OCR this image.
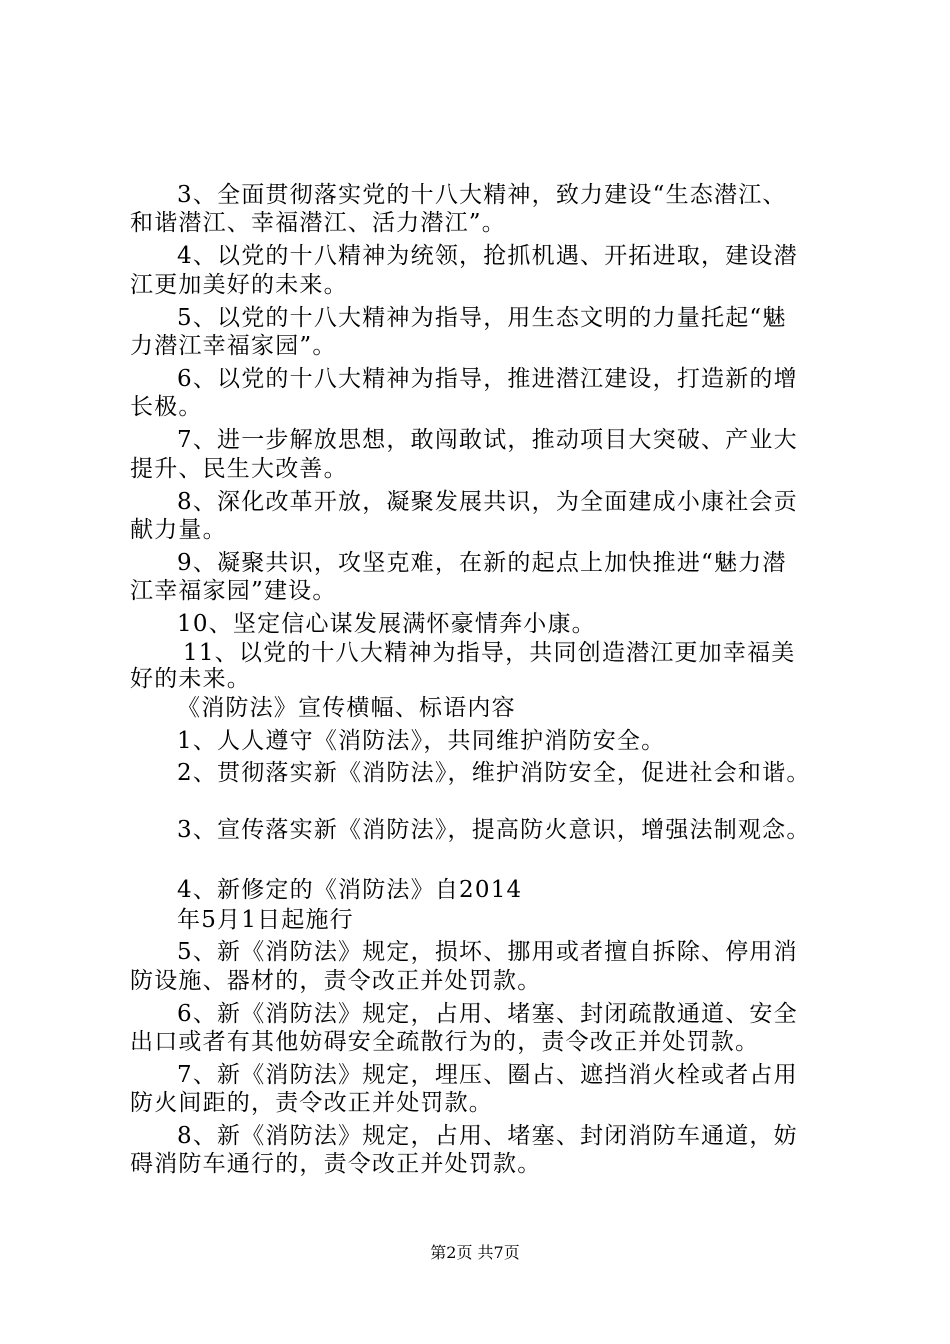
3、全面贯彻落实党的十八大精神，致力建设“生态潜江、
和谐潜江、幸福潜江、活力潜江”。
4、以党的十八精神为统领，抢抓机遇、开拓进取，建设潜
江更加美好的未来。
5、以党的十八大精神为指导，用生态文明的力量托起“魅
力潜江幸福家园”。
6、以党的十八大精神为指导，推进潜江建设，打造新的增
长极。
7、进一步解放思想，敢闯敢试，推动项目大突破、产业大
提升、民生大改善。
8、深化改革开放，凝聚发展共识，为全面建成小康社会贡
献力量。
9、凝聚共识，攻坚克难，在新的起点上加快推进“魅力潜
江幸福家园”建设。
10、坚定信心谋发展满怀豪情奔小康。
11、以党的十八大精神为指导，共同创造潜江更加幸福美
好的未来。
《消防法》宣传横幅、标语内容
1、人人遵守《消防法》，共同维护消防安全。
2、贯彻落实新《消防法》，维护消防安全，促进社会和谐。
3、宣传落实新《消防法》，提高防火意识，增强法制观念。
4、新修定的《消防法》自2014
年5月1日起施行
5、新《消防法》规定，损坏、挪用或者擅自拆除、停用消
防设施、器材的，责令改正并处罚款。
6、新《消防法》规定，占用、堵塞、封闭疏散通道、安全
出口或者有其他妨碍安全疏散行为的，责令改正并处罚款。
7、新《消防法》规定，埋压、圈占、遮挡消火栓或者占用
防火间距的，责令改正并处罚款。
8、新《消防法》规定，占用、堵塞、封闭消防车通道，妨
碍消防车通行的，责令改正并处罚款。
第2页 共7页
